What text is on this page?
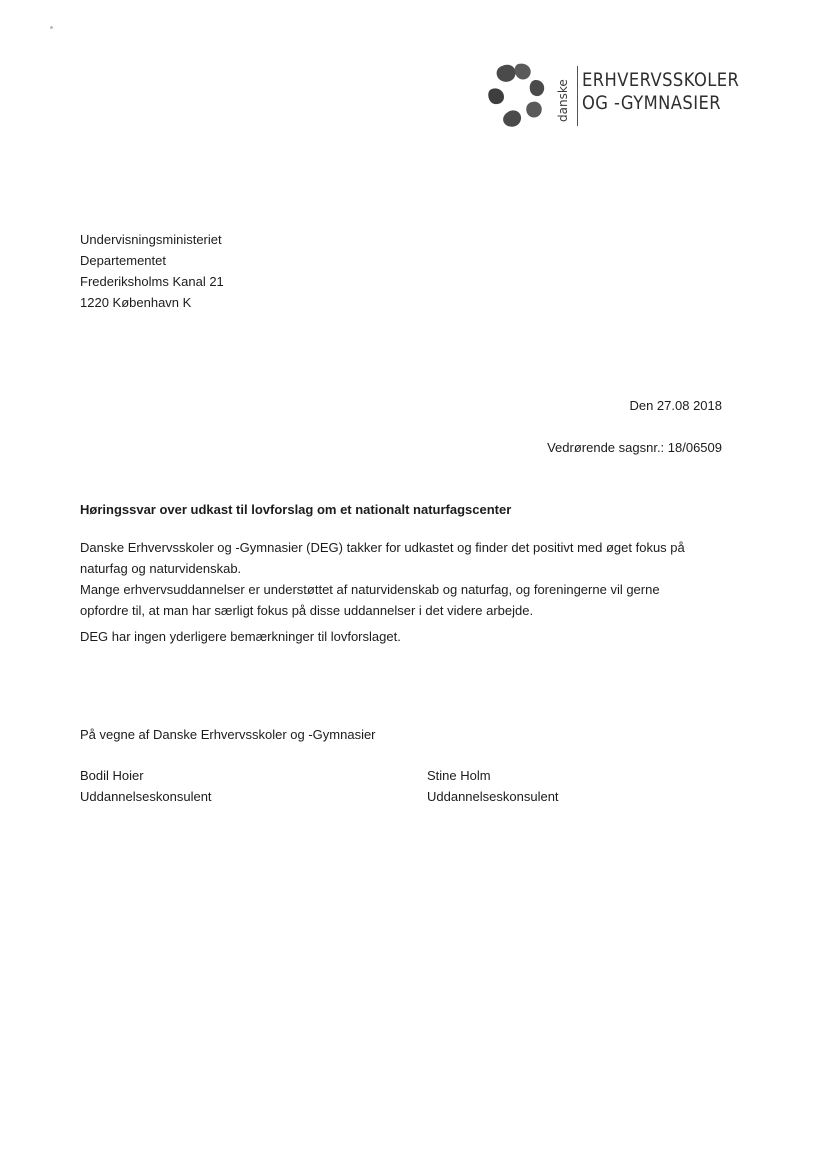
danske ERHVERVSSKOLER
OG -GYMNASIER
Undervisningsministeriet
Departementet
Frederiksholms Kanal 21
1220 København K
Den 27.08 2018
Vedrørende sagsnr.: 18/06509
Høringssvar over udkast til lovforslag om et nationalt naturfagscenter
Danske Erhvervsskoler og -Gymnasier (DEG) takker for udkastet og finder det positivt med øget fokus på
naturfag og naturvidenskab.
Mange erhvervsuddannelser er understøttet af naturvidenskab og naturfag, og foreningerne vil gerne
opfordre til, at man har særligt fokus på disse uddannelser i det videre arbejde.
DEG har ingen yderligere bemærkninger til lovforslaget.
På vegne af Danske Erhvervsskoler og -Gymnasier
Bodil Hoier
Uddannelseskonsulent
Stine Holm
Uddannelseskonsulent
